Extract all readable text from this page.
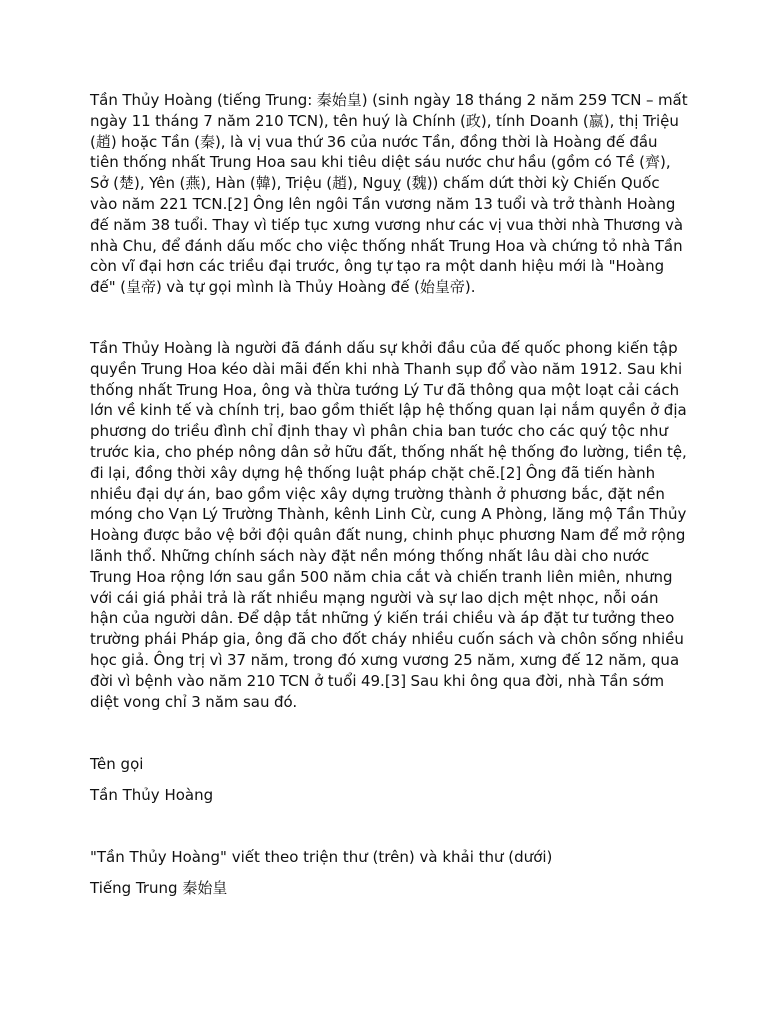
Tần Thủy Hoàng (tiếng Trung: 秦始皇) (sinh ngày 18 tháng 2 năm 259 TCN – mất ngày 11 tháng 7 năm 210 TCN), tên huý là Chính (政), tính Doanh (嬴), thị Triệu (趙) hoặc Tần (秦), là vị vua thứ 36 của nước Tần, đồng thời là Hoàng đế đầu tiên thống nhất Trung Hoa sau khi tiêu diệt sáu nước chư hầu (gồm có Tề (齊), Sở (楚), Yên (燕), Hàn (韓), Triệu (趙), Nguỵ (魏)) chấm dứt thời kỳ Chiến Quốc vào năm 221 TCN.[2] Ông lên ngôi Tần vương năm 13 tuổi và trở thành Hoàng đế năm 38 tuổi. Thay vì tiếp tục xưng vương như các vị vua thời nhà Thương và nhà Chu, để đánh dấu mốc cho việc thống nhất Trung Hoa và chứng tỏ nhà Tần còn vĩ đại hơn các triều đại trước, ông tự tạo ra một danh hiệu mới là "Hoàng đế" (皇帝) và tự gọi mình là Thủy Hoàng đế (始皇帝).

Tần Thủy Hoàng là người đã đánh dấu sự khởi đầu của đế quốc phong kiến tập quyền Trung Hoa kéo dài mãi đến khi nhà Thanh sụp đổ vào năm 1912. Sau khi thống nhất Trung Hoa, ông và thừa tướng Lý Tư đã thông qua một loạt cải cách lớn về kinh tế và chính trị, bao gồm thiết lập hệ thống quan lại nắm quyền ở địa phương do triều đình chỉ định thay vì phân chia ban tước cho các quý tộc như trước kia, cho phép nông dân sở hữu đất, thống nhất hệ thống đo lường, tiền tệ, đi lại, đồng thời xây dựng hệ thống luật pháp chặt chẽ.[2] Ông đã tiến hành nhiều đại dự án, bao gồm việc xây dựng trường thành ở phương bắc, đặt nền móng cho Vạn Lý Trường Thành, kênh Linh Cừ, cung A Phòng, lăng mộ Tần Thủy Hoàng được bảo vệ bởi đội quân đất nung, chinh phục phương Nam để mở rộng lãnh thổ. Những chính sách này đặt nền móng thống nhất lâu dài cho nước Trung Hoa rộng lớn sau gần 500 năm chia cắt và chiến tranh liên miên, nhưng với cái giá phải trả là rất nhiều mạng người và sự lao dịch mệt nhọc, nỗi oán hận của người dân. Để dập tắt những ý kiến trái chiều và áp đặt tư tưởng theo trường phái Pháp gia, ông đã cho đốt cháy nhiều cuốn sách và chôn sống nhiều học giả. Ông trị vì 37 năm, trong đó xưng vương 25 năm, xưng đế 12 năm, qua đời vì bệnh vào năm 210 TCN ở tuổi 49.[3] Sau khi ông qua đời, nhà Tần sớm diệt vong chỉ 3 năm sau đó.

Tên gọi

Tần Thủy Hoàng

"Tần Thủy Hoàng" viết theo triện thư (trên) và khải thư (dưới)

Tiếng Trung 秦始皇
